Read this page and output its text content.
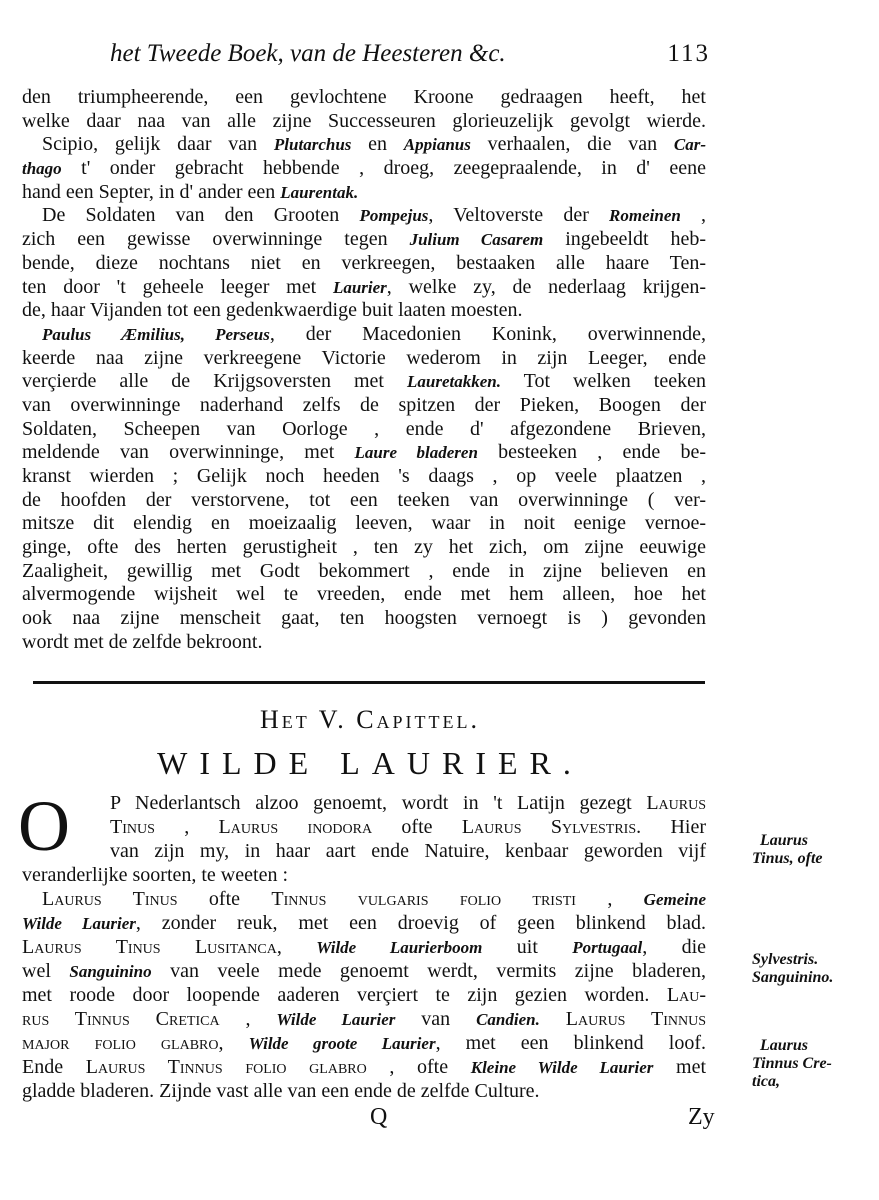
het Tweede Boek, van de Heesteren &c.	113
den triumpheerende, een gevlochtene Kroone gedraagen heeft, het
welke daar naa van alle zijne Successeuren glorieuzelijk gevolgt wierde.
 Scipio, gelijk daar van Plutarchus en Appianus verhaalen, die van Car-
thago t' onder gebracht hebbende , droeg, zeegepraalende, in d' eene
hand een Septer, in d' ander een Laurentak.
 De Soldaten van den Grooten Pompejus, Veltoverste der Romeinen ,
zich een gewisse overwinninge tegen Julium Casarem ingebeeldt heb-
bende, dieze nochtans niet en verkreegen, bestaaken alle haare Ten-
ten door 't geheele leeger met Laurier, welke zy, de nederlaag krijgen-
de, haar Vijanden tot een gedenkwaerdige buit laaten moesten.
 Paulus Æmilius, Perseus, der Macedonien Konink, overwinnende,
keerde naa zijne verkreegene Victorie wederom in zijn Leeger, ende
verçierde alle de Krijgsoversten met Lauretakken. Tot welken teeken
van overwinninge naderhand zelfs de spitzen der Pieken, Boogen der
Soldaten, Scheepen van Oorloge , ende d' afgezondene Brieven,
meldende van overwinninge, met Laure bladeren besteeken , ende be-
kranst wierden ; Gelijk noch heeden 's daags , op veele plaatzen ,
de hoofden der verstorvene, tot een teeken van overwinninge ( ver-
mitsze dit elendig en moeizaalig leeven, waar in noit eenige vernoe-
ginge, ofte des herten gerustigheit , ten zy het zich, om zijne eeuwige
Zaaligheit, gewillig met Godt bekommert , ende in zijne believen en
alvermogende wijsheit wel te vreeden, ende met hem alleen, hoe het
ook naa zijne menscheit gaat, ten hoogsten vernoegt is ) gevonden
wordt met de zelfde bekroont.
Het V. Capittel.
WILDE LAURIER.
O	P Nederlantsch alzoo genoemt, wordt in 't Latijn gezegt Laurus
Tinus , Laurus inodora ofte Laurus Sylvestris. Hier
van zijn my, in haar aart ende Natuire, kenbaar geworden vijf
veranderlijke soorten, te weeten :
 Laurus Tinus ofte Tinnus vulgaris folio tristi , Gemeine
Wilde Laurier, zonder reuk, met een droevig of geen blinkend blad.
Laurus Tinus Lusitanca, Wilde Laurierboom uit Portugaal, die
wel Sanguinino van veele mede genoemt werdt, vermits zijne bladeren,
met roode door loopende aaderen verçiert te zijn gezien worden. Lau-
rus Tinnus Cretica , Wilde Laurier van Candien. Laurus Tinnus
major folio glabro, Wilde groote Laurier, met een blinkend loof.
Ende Laurus Tinnus folio glabro , ofte Kleine Wilde Laurier met
gladde bladeren. Zijnde vast alle van een ende de zelfde Culture.
Laurus
Tinus, ofte
Sylvestris.
Sanguinino.
Laurus
Tinnus Cre-
tica,
Q	Zy
